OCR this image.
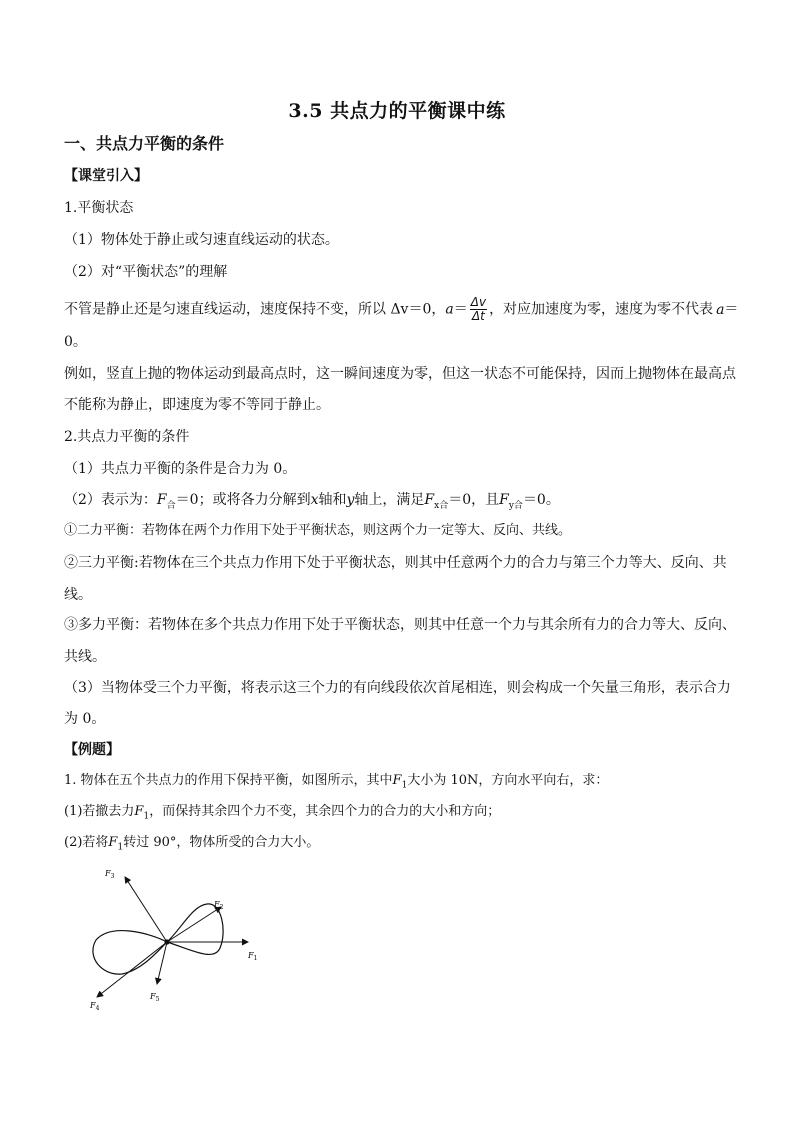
3.5 共点力的平衡课中练
一、共点力平衡的条件
【课堂引入】
1.平衡状态
（1）物体处于静止或匀速直线运动的状态。
（2）对“平衡状态”的理解
不管是静止还是匀速直线运动，速度保持不变，所以 Δv＝0，$a= \frac{\Delta v}{\Delta t}$ ，对应加速度为零，速度为零不代表 a＝
0。
例如，竖直上抛的物体运动到最高点时，这一瞬间速度为零，但这一状态不可能保持，因而上抛物体在最高点
不能称为静止，即速度为零不等同于静止。
2.共点力平衡的条件
（1）共点力平衡的条件是合力为 0。
（2）表示为：$F_合=0$；或将各力分解到x轴和y轴上，满足$F_{x合}=0$，且$F_{y合}=0$。
①二力平衡：若物体在两个力作用下处于平衡状态，则这两个力一定等大、反向、共线。
②三力平衡:若物体在三个共点力作用下处于平衡状态，则其中任意两个力的合力与第三个力等大、反向、共
线。
③多力平衡：若物体在多个共点力作用下处于平衡状态，则其中任意一个力与其余所有力的合力等大、反向、
共线。
（3）当物体受三个力平衡，将表示这三个力的有向线段依次首尾相连，则会构成一个矢量三角形，表示合力
为 0。
【例题】
1. 物体在五个共点力的作用下保持平衡，如图所示，其中$F_1$大小为 10N，方向水平向右，求：
(1)若撤去力$F_1$，而保持其余四个力不变，其余四个力的合力的大小和方向；
(2)若将$F_1$转过 90°，物体所受的合力大小。
$F_1$
$F_2$
$F_3$
$F_4$
$F_5$
